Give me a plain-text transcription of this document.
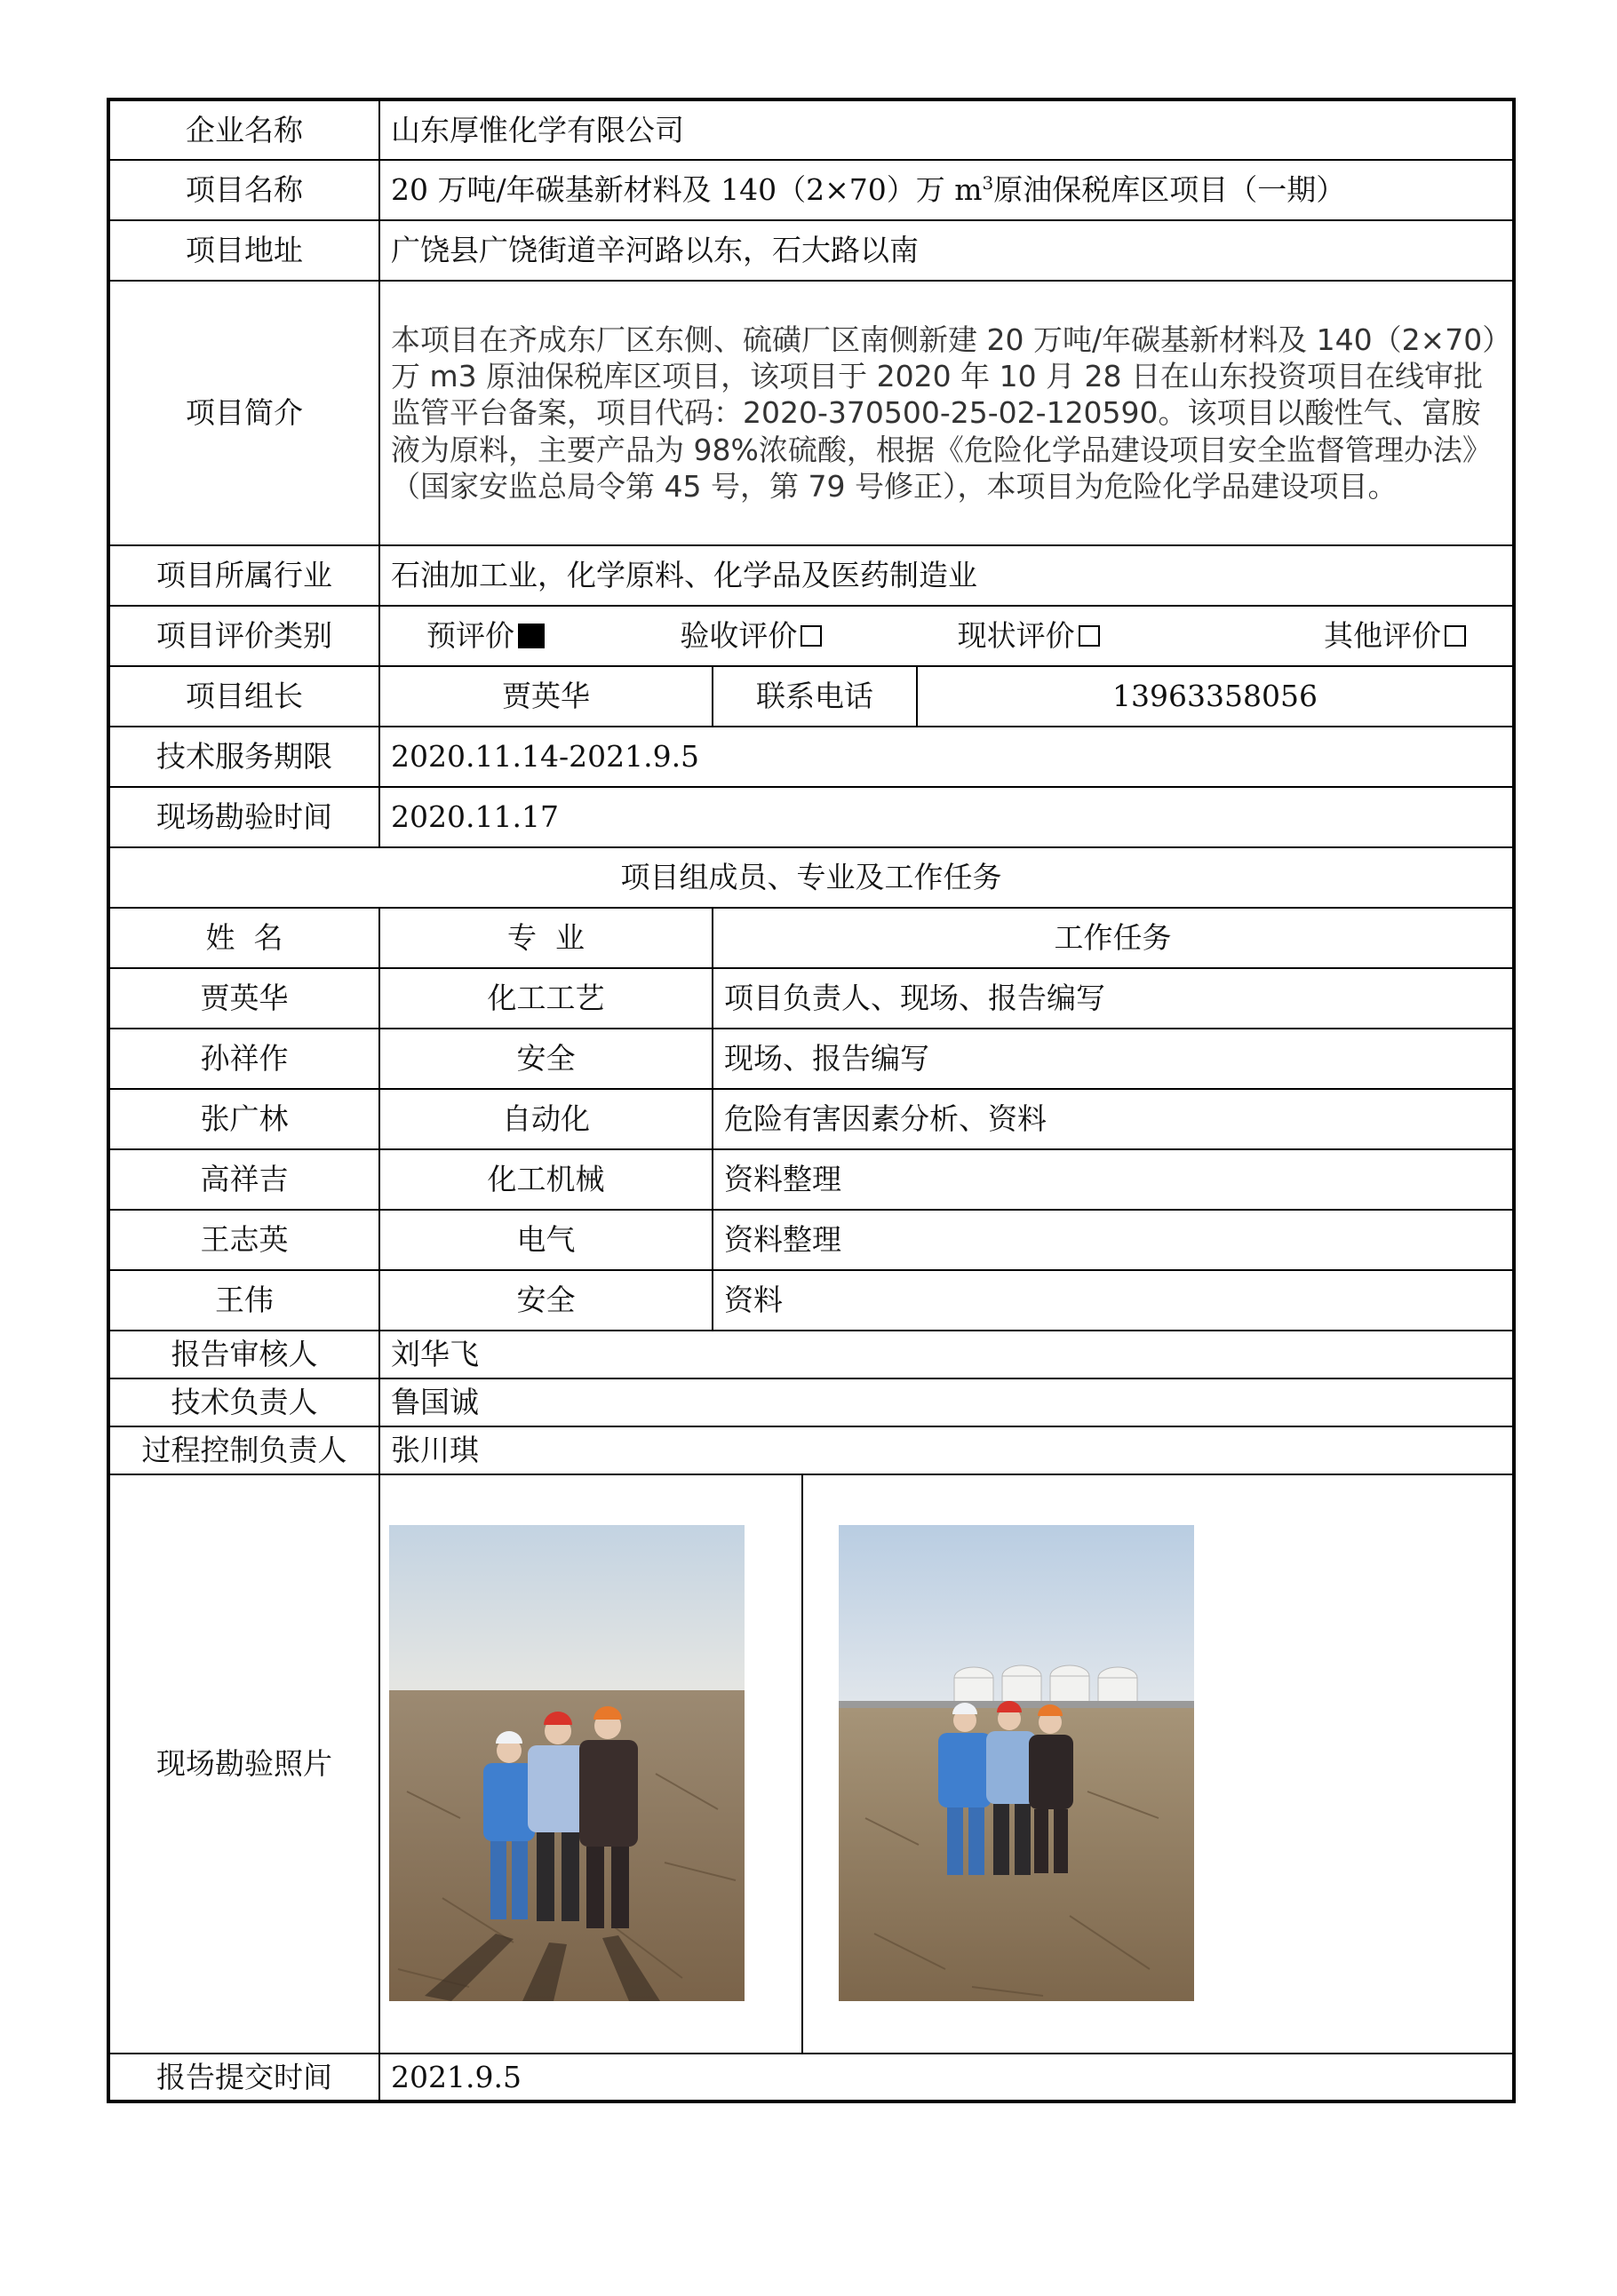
企业名称	山东厚惟化学有限公司		
项目名称	20 万吨/年碳基新材料及 140（2×70）万 $m^3$原油保税库区项目（一期）		
项目地址	广饶县广饶街道辛河路以东，石大路以南		
项目简介	本项目在齐成东厂区东侧、硫磺厂区南侧新建 20 万吨/年碳基新材料及 140（2×70）万 m3 原油保税库区项目，该项目于 2020 年 10 月 28 日在山东投资项目在线审批监管平台备案，项目代码：2020-370500-25-02-120590。该项目以酸性气、富胺液为原料，主要产品为 98%浓硫酸，根据《危险化学品建设项目安全监督管理办法》（国家安监总局令第 45 号，第 79 号修正），本项目为危险化学品建设项目。		
项目所属行业	石油加工业，化学原料、化学品及医药制造业		
项目评价类别	预评价 验收评价 现状评价 其他评价		

项目组长	贾英华	联系电话	13963358056
技术服务期限	2020.11.14-2021.9.5		
现场勘验时间	2020.11.17		
项目组成员、专业及工作任务			
姓  名	专  业	工作任务	
贾英华	化工工艺	项目负责人、现场、报告编写	
孙祥作	安全	现场、报告编写	
张广林	自动化	危险有害因素分析、资料	
高祥吉	化工机械	资料整理	
王志英	电气	资料整理	
王伟	安全	资料	
报告审核人	刘华飞		
技术负责人	鲁国诚		
过程控制负责人	张川琪		
现场勘验照片	

报告提交时间	2021.9.5		
